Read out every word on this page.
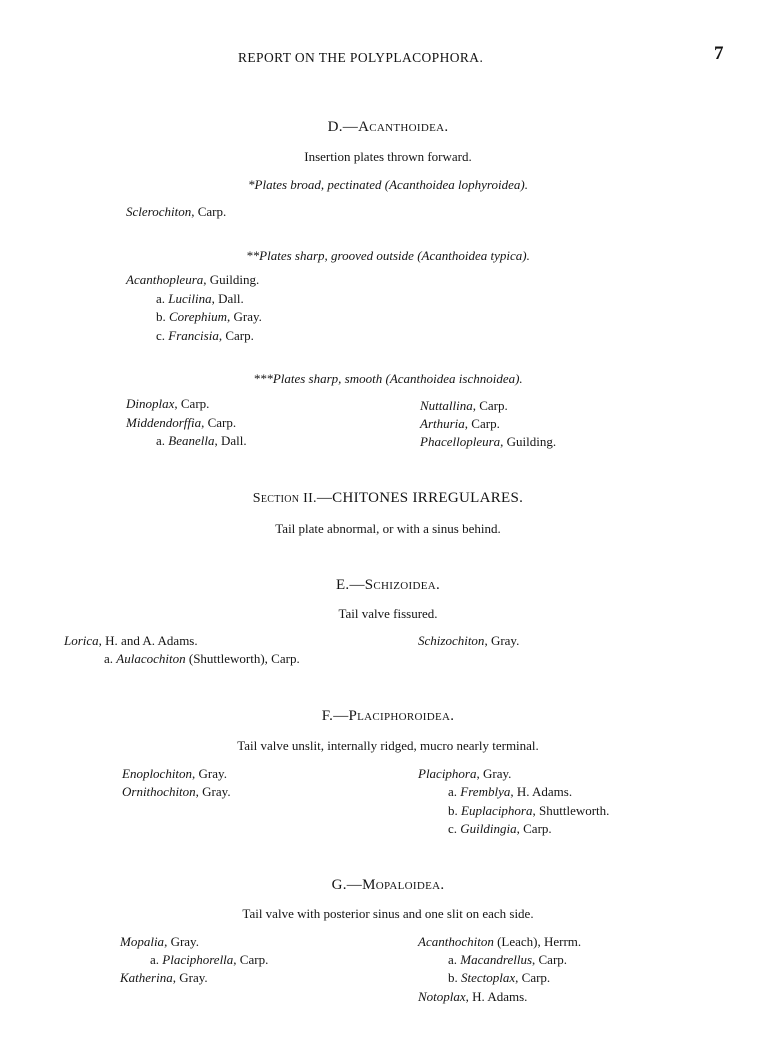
REPORT ON THE POLYPLACOPHORA.	7
D.—Acanthoidea.
Insertion plates thrown forward.
*Plates broad, pectinated (Acanthoidea lophyroidea).
Sclerochiton, Carp.
**Plates sharp, grooved outside (Acanthoidea typica).
Acanthopleura, Guilding.
a. Lucilina, Dall.
b. Corephium, Gray.
c. Francisia, Carp.
***Plates sharp, smooth (Acanthoidea ischnoidea).
Dinoplax, Carp.
Middendorffia, Carp.
a. Beanella, Dall.
Nuttallina, Carp.
Arthuria, Carp.
Phacellopleura, Guilding.
Section II.—CHITONES IRREGULARES.
Tail plate abnormal, or with a sinus behind.
E.—Schizoidea.
Tail valve fissured.
Lorica, H. and A. Adams.
a. Aulacochiton (Shuttleworth), Carp.
Schizochiton, Gray.
F.—Placiphoroidea.
Tail valve unslit, internally ridged, mucro nearly terminal.
Enoplochiton, Gray.
Ornithochiton, Gray.
Placiphora, Gray.
a. Fremblya, H. Adams.
b. Euplaciphora, Shuttleworth.
c. Guildingia, Carp.
G.—Mopaloidea.
Tail valve with posterior sinus and one slit on each side.
Mopalia, Gray.
a. Placiphorella, Carp.
Katherina, Gray.
Acanthochiton (Leach), Herrm.
a. Macandrellus, Carp.
b. Stectoplax, Carp.
Notoplax, H. Adams.
